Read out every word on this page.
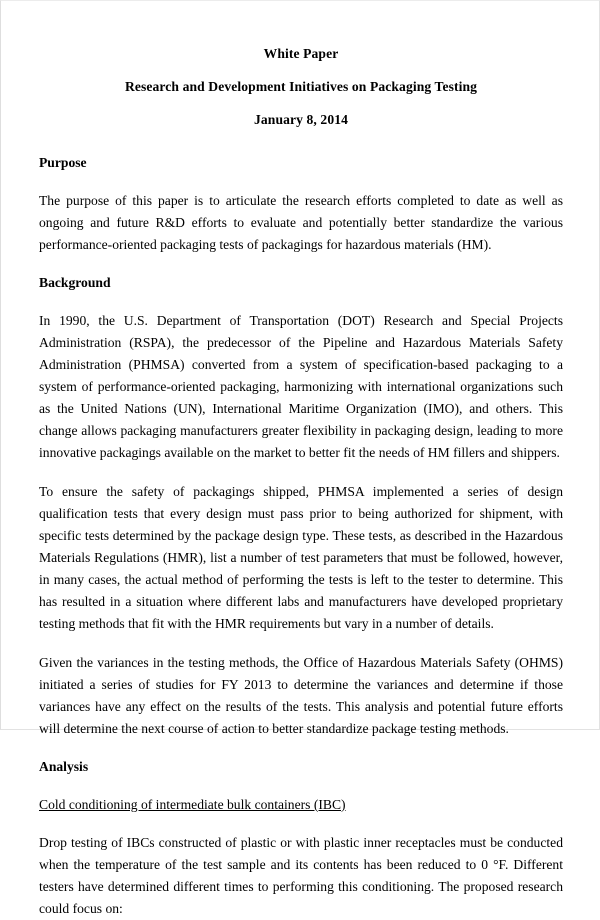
White Paper
Research and Development Initiatives on Packaging Testing
January 8, 2014
Purpose

The purpose of this paper is to articulate the research efforts completed to date as well as ongoing and future R&D efforts to evaluate and potentially better standardize the various performance-oriented packaging tests of packagings for hazardous materials (HM).

Background

In 1990, the U.S. Department of Transportation (DOT) Research and Special Projects Administration (RSPA), the predecessor of the Pipeline and Hazardous Materials Safety Administration (PHMSA) converted from a system of specification-based packaging to a system of performance-oriented packaging, harmonizing with international organizations such as the United Nations (UN), International Maritime Organization (IMO), and others. This change allows packaging manufacturers greater flexibility in packaging design, leading to more innovative packagings available on the market to better fit the needs of HM fillers and shippers.

To ensure the safety of packagings shipped, PHMSA implemented a series of design qualification tests that every design must pass prior to being authorized for shipment, with specific tests determined by the package design type. These tests, as described in the Hazardous Materials Regulations (HMR), list a number of test parameters that must be followed, however, in many cases, the actual method of performing the tests is left to the tester to determine. This has resulted in a situation where different labs and manufacturers have developed proprietary testing methods that fit with the HMR requirements but vary in a number of details.

Given the variances in the testing methods, the Office of Hazardous Materials Safety (OHMS) initiated a series of studies for FY 2013 to determine the variances and determine if those variances have any effect on the results of the tests. This analysis and potential future efforts will determine the next course of action to better standardize package testing methods.

Analysis
Cold conditioning of intermediate bulk containers (IBC)

Drop testing of IBCs constructed of plastic or with plastic inner receptacles must be conducted when the temperature of the test sample and its contents has been reduced to 0 °F. Different testers have determined different times to performing this conditioning. The proposed research could focus on:
